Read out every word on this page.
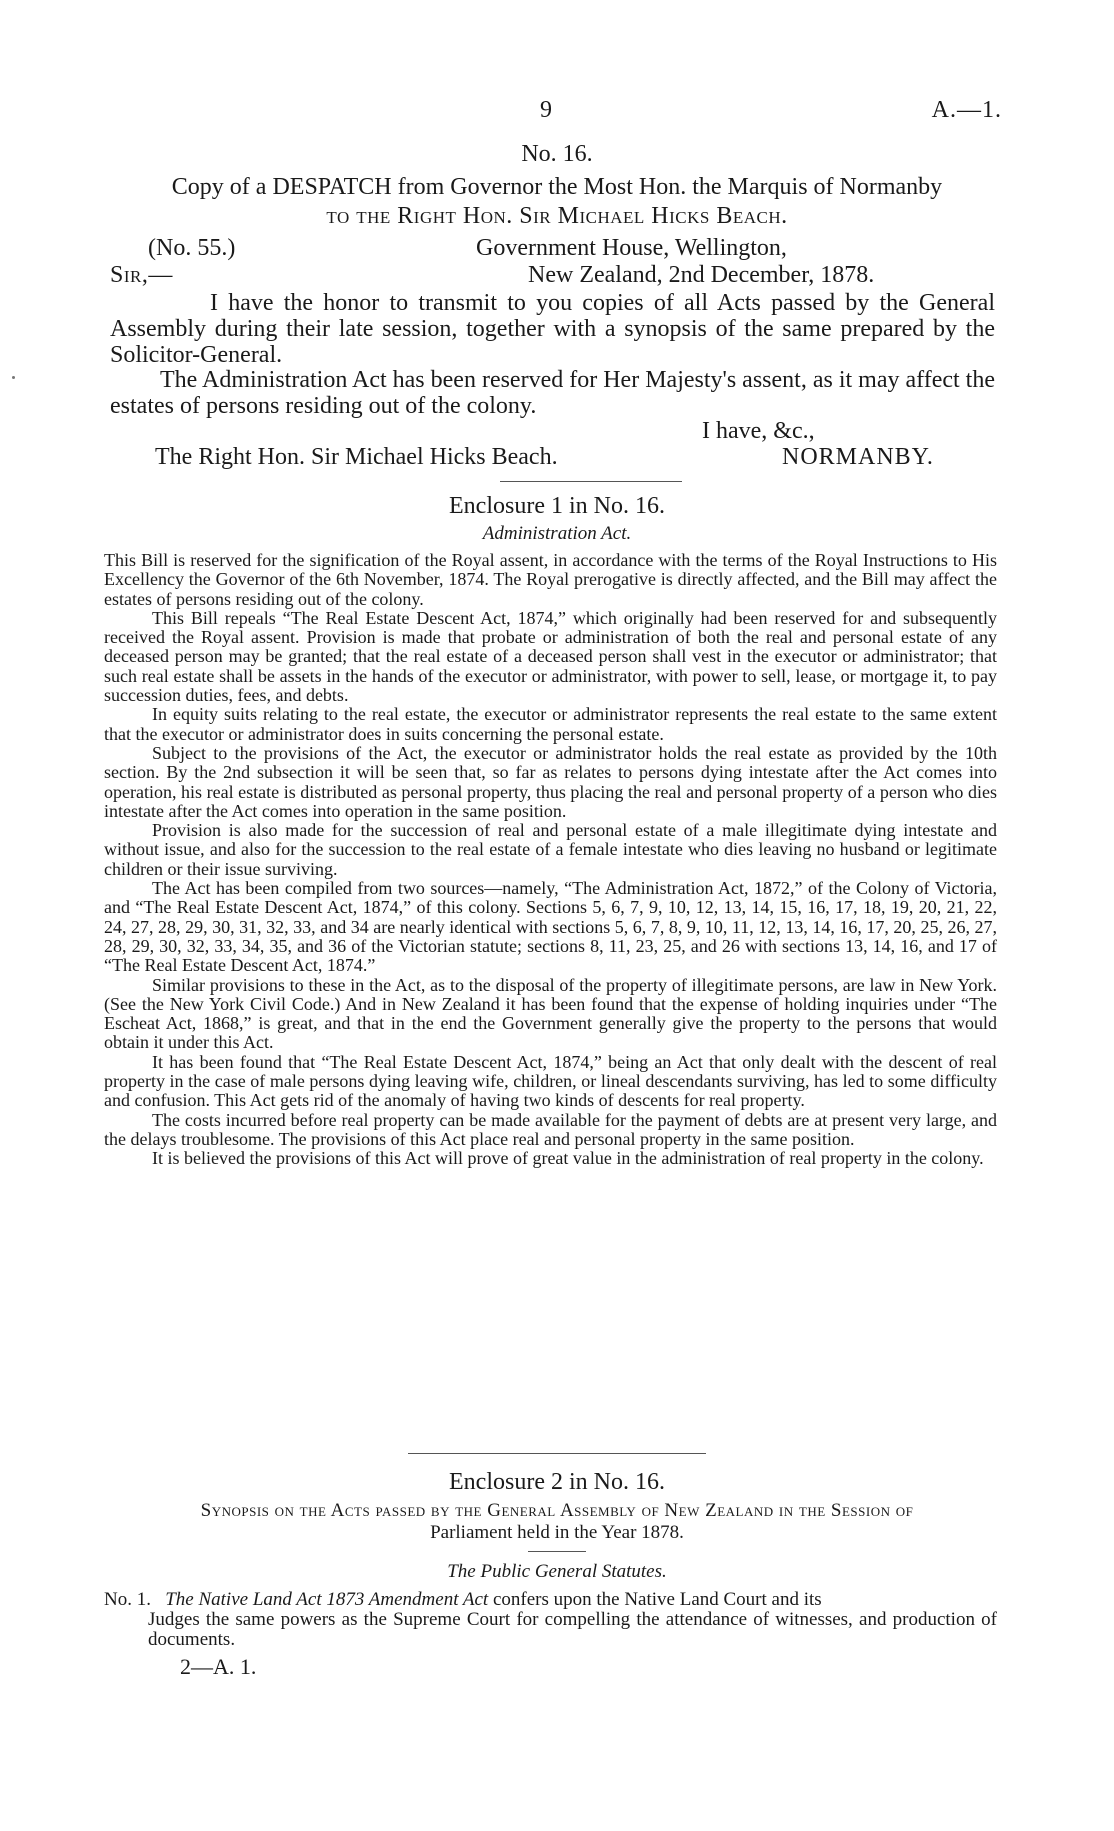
9	A.—1.
No. 16.
Copy of a DESPATCH from Governor the Most Hon. the Marquis of Normanby
to the Right Hon. Sir Michael Hicks Beach.
(No. 55.)	Government House, Wellington,
Sir,—	New Zealand, 2nd December, 1878.

I have the honor to transmit to you copies of all Acts passed by the General Assembly during their late session, together with a synopsis of the same prepared by the Solicitor-General.

The Administration Act has been reserved for Her Majesty's assent, as it may affect the estates of persons residing out of the colony.

I have, &c.,
The Right Hon. Sir Michael Hicks Beach.	NORMANBY.
Enclosure 1 in No. 16.
Administration Act.

This Bill is reserved for the signification of the Royal assent, in accordance with the terms of the Royal Instructions to His Excellency the Governor of the 6th November, 1874. The Royal prerogative is directly affected, and the Bill may affect the estates of persons residing out of the colony.

This Bill repeals “The Real Estate Descent Act, 1874,” which originally had been reserved for and subsequently received the Royal assent. Provision is made that probate or administration of both the real and personal estate of any deceased person may be granted; that the real estate of a deceased person shall vest in the executor or administrator; that such real estate shall be assets in the hands of the executor or administrator, with power to sell, lease, or mortgage it, to pay succession duties, fees, and debts.

In equity suits relating to the real estate, the executor or administrator represents the real estate to the same extent that the executor or administrator does in suits concerning the personal estate.

Subject to the provisions of the Act, the executor or administrator holds the real estate as provided by the 10th section. By the 2nd subsection it will be seen that, so far as relates to persons dying intestate after the Act comes into operation, his real estate is distributed as personal property, thus placing the real and personal property of a person who dies intestate after the Act comes into operation in the same position.

Provision is also made for the succession of real and personal estate of a male illegitimate dying intestate and without issue, and also for the succession to the real estate of a female intestate who dies leaving no husband or legitimate children or their issue surviving.

The Act has been compiled from two sources—namely, “The Administration Act, 1872,” of the Colony of Victoria, and “The Real Estate Descent Act, 1874,” of this colony. Sections 5, 6, 7, 9, 10, 12, 13, 14, 15, 16, 17, 18, 19, 20, 21, 22, 24, 27, 28, 29, 30, 31, 32, 33, and 34 are nearly identical with sections 5, 6, 7, 8, 9, 10, 11, 12, 13, 14, 16, 17, 20, 25, 26, 27, 28, 29, 30, 32, 33, 34, 35, and 36 of the Victorian statute; sections 8, 11, 23, 25, and 26 with sections 13, 14, 16, and 17 of “The Real Estate Descent Act, 1874.”

Similar provisions to these in the Act, as to the disposal of the property of illegitimate persons, are law in New York. (See the New York Civil Code.) And in New Zealand it has been found that the expense of holding inquiries under “The Escheat Act, 1868,” is great, and that in the end the Government generally give the property to the persons that would obtain it under this Act.

It has been found that “The Real Estate Descent Act, 1874,” being an Act that only dealt with the descent of real property in the case of male persons dying leaving wife, children, or lineal descendants surviving, has led to some difficulty and confusion. This Act gets rid of the anomaly of having two kinds of descents for real property.

The costs incurred before real property can be made available for the payment of debts are at present very large, and the delays troublesome. The provisions of this Act place real and personal property in the same position.

It is believed the provisions of this Act will prove of great value in the administration of real property in the colony.

Enclosure 2 in No. 16.
Synopsis on the Acts passed by the General Assembly of New Zealand in the Session of
Parliament held in the Year 1878.
The Public General Statutes.
No. 1. The Native Land Act 1873 Amendment Act confers upon the Native Land Court and its
Judges the same powers as the Supreme Court for compelling the attendance of witnesses, and production of documents.
2—A. 1.
